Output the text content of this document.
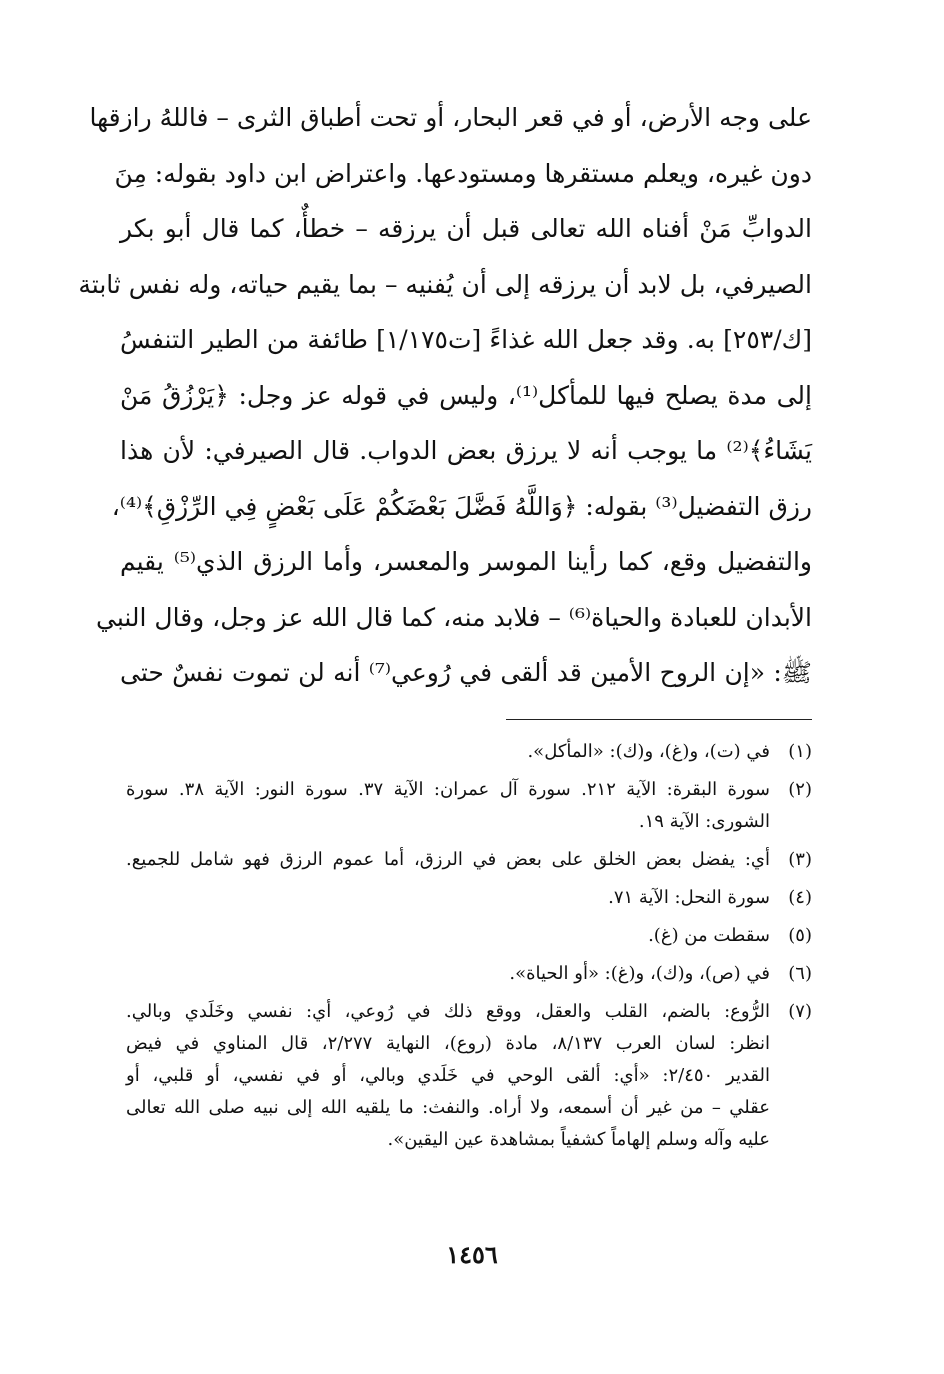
على وجه الأرض، أو في قعر البحار، أو تحت أطباق الثرى – فاللهُ رازقها
دون غيره، ويعلم مستقرها ومستودعها. واعتراض ابن داود بقوله: مِنَ
الدوابِّ مَنْ أفناه الله تعالى قبل أن يرزقه – خطأٌ، كما قال أبو بكر
الصيرفي، بل لابد أن يرزقه إلى أن يُفنيه – بما يقيم حياته، وله نفس ثابتة
[ك/٢٥٣] به. وقد جعل الله غذاءً [ت١/١٧٥] طائفة من الطير التنفسُ
إلى مدة يصلح فيها للمأكل⁽¹⁾، وليس في قوله عز وجل: ﴿يَرْزُقُ مَنْ
يَشَاءُ﴾⁽²⁾ ما يوجب أنه لا يرزق بعض الدواب. قال الصيرفي: لأن هذا
رزق التفضيل⁽³⁾ بقوله: ﴿وَاللَّهُ فَضَّلَ بَعْضَكُمْ عَلَى بَعْضٍ فِي الرِّزْقِ﴾⁽⁴⁾،
والتفضيل وقع، كما رأينا الموسر والمعسر، وأما الرزق الذي⁽⁵⁾ يقيم
الأبدان للعبادة والحياة⁽⁶⁾ – فلابد منه، كما قال الله عز وجل، وقال النبي
ﷺ: «إن الروح الأمين قد ألقى في رُوعي⁽⁷⁾ أنه لن تموت نفسٌ حتى
(١)
في (ت)، و(غ)، و(ك): «المأكل».
(٢)
سورة البقرة: الآية ٢١٢. سورة آل عمران: الآية ٣٧. سورة النور: الآية ٣٨. سورة
الشورى: الآية ١٩.
(٣)
أي: يفضل بعض الخلق على بعض في الرزق، أما عموم الرزق فهو شامل للجميع.
(٤)
سورة النحل: الآية ٧١.
(٥)
سقطت من (غ).
(٦)
في (ص)، و(ك)، و(غ): «أو الحياة».
(٧)
الرُّوع: بالضم، القلب والعقل، ووقع ذلك في رُوعي، أي: نفسي وخَلَدي وبالي.
انظر: لسان العرب ٨/١٣٧، مادة (روع)، النهاية ٢/٢٧٧، قال المناوي في فيض
القدير ٢/٤٥٠: «أي: ألقى الوحي في خَلَدي وبالي، أو في نفسي، أو قلبي، أو
عقلي – من غير أن أسمعه، ولا أراه. والنفث: ما يلقيه الله إلى نبيه صلى الله تعالى
عليه وآله وسلم إلهاماً كشفياً بمشاهدة عين اليقين».
١٤٥٦
